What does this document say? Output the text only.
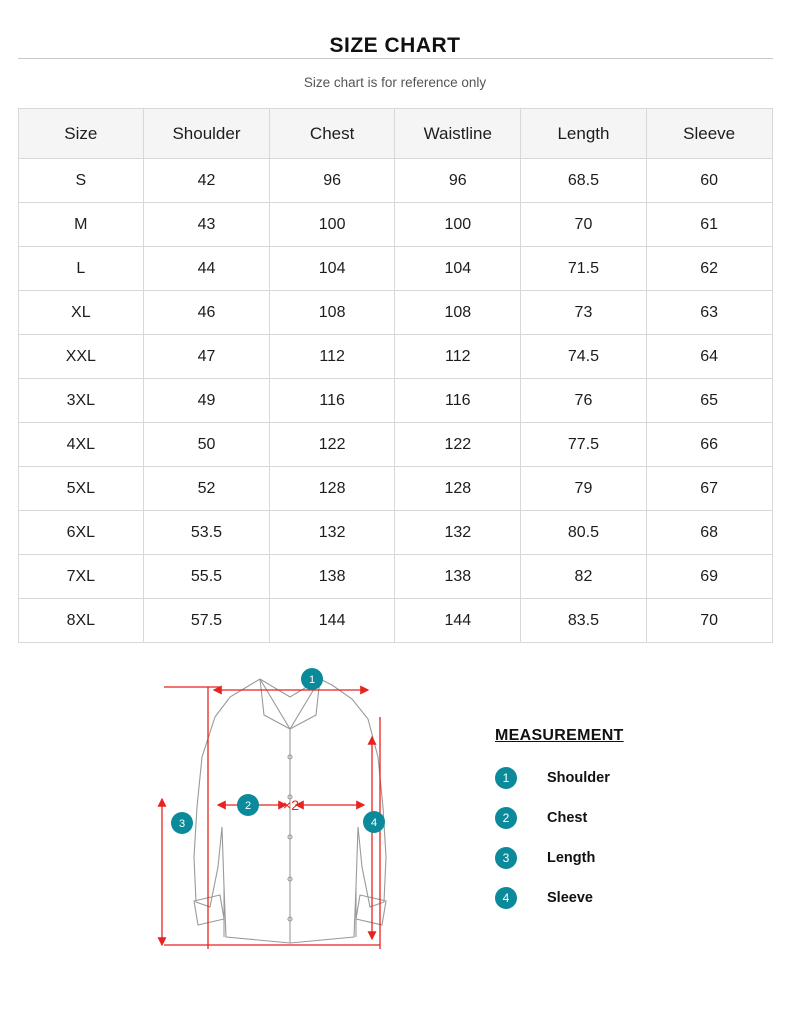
SIZE CHART
Size chart is for reference only
Size	Shoulder	Chest	Waistline	Length	Sleeve
S	42	96	96	68.5	60
M	43	100	100	70	61
L	44	104	104	71.5	62
XL	46	108	108	73	63
XXL	47	112	112	74.5	64
3XL	49	116	116	76	65
4XL	50	122	122	77.5	66
5XL	52	128	128	79	67
6XL	53.5	132	132	80.5	68
7XL	55.5	138	138	82	69
8XL	57.5	144	144	83.5	70
1
2
3	4
×2
MEASUREMENT
1	Shoulder
2	Chest
3	Length
4	Sleeve
